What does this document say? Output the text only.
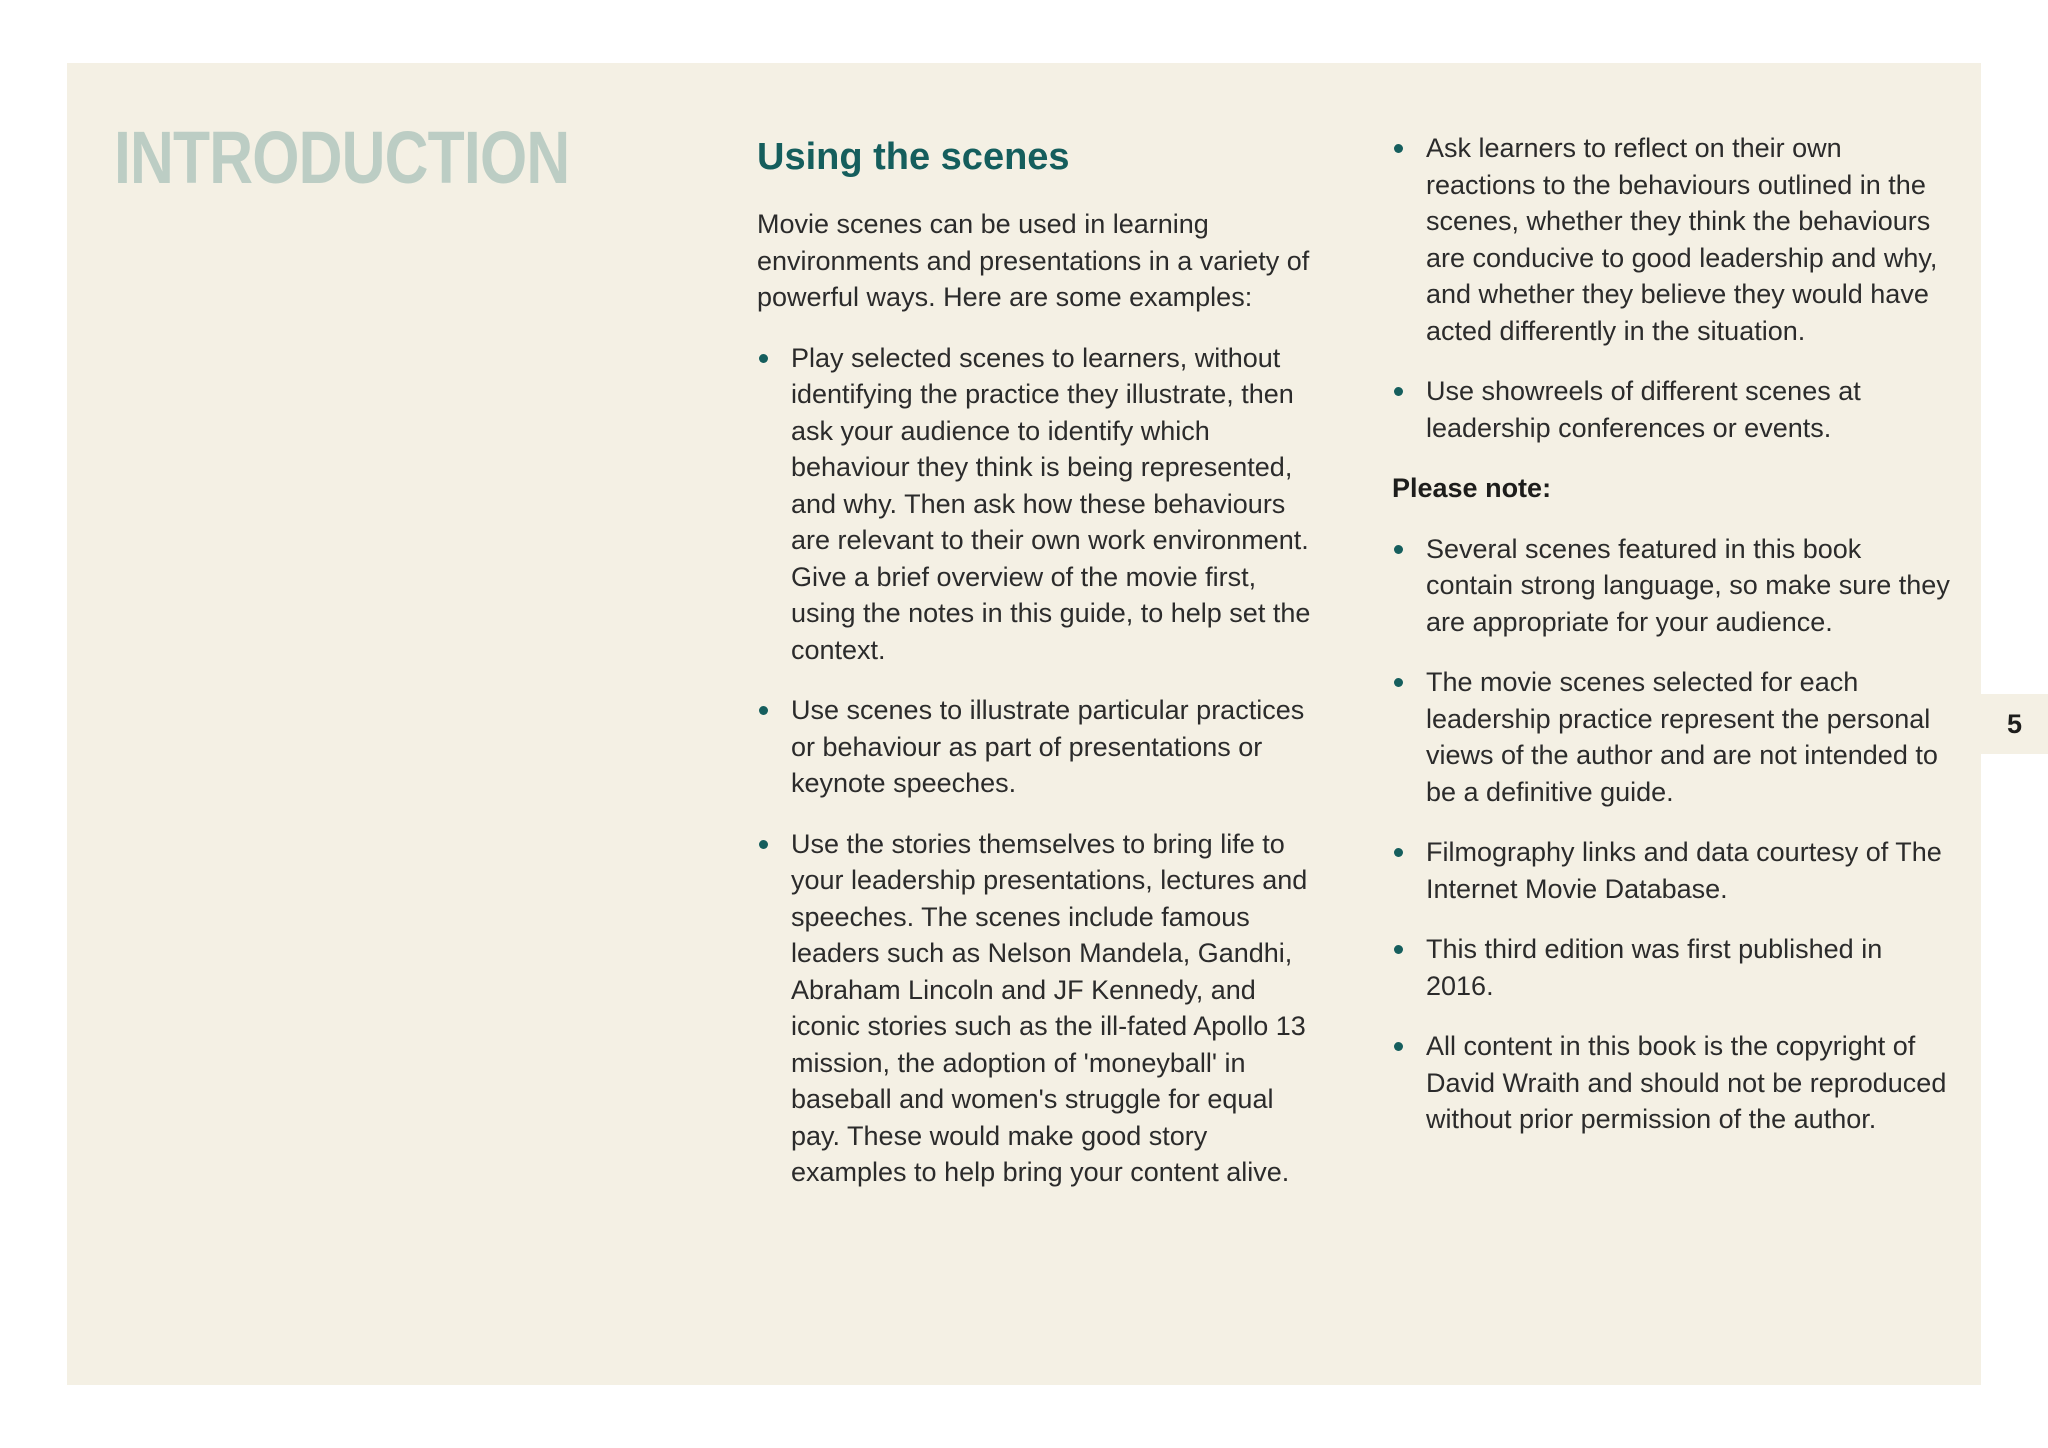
5
INTRODUCTION	Using the scenes

Movie scenes can be used in learning environments and presentations in a variety of powerful ways. Here are some examples:

Play selected scenes to learners, without identifying the practice they illustrate, then ask your audience to identify which behaviour they think is being represented, and why. Then ask how these behaviours are relevant to their own work environment. Give a brief overview of the movie first, using the notes in this guide, to help set the context.
Use scenes to illustrate particular practices or behaviour as part of presentations or keynote speeches.
Use the stories themselves to bring life to your leadership presentations, lectures and speeches. The scenes include famous leaders such as Nelson Mandela, Gandhi, Abraham Lincoln and JF Kennedy, and iconic stories such as the ill-fated Apollo 13 mission, the adoption of 'moneyball' in baseball and women's struggle for equal pay. These would make good story examples to help bring your content alive.
Ask learners to reflect on their own reactions to the behaviours outlined in the scenes, whether they think the behaviours are conducive to good leadership and why, and whether they believe they would have acted differently in the situation.
Use showreels of different scenes at leadership conferences or events.

Please note:

Several scenes featured in this book contain strong language, so make sure they are appropriate for your audience.
The movie scenes selected for each leadership practice represent the personal views of the author and are not intended to be a definitive guide.
Filmography links and data courtesy of The Internet Movie Database.
This third edition was first published in 2016.
All content in this book is the copyright of David Wraith and should not be reproduced without prior permission of the author.
